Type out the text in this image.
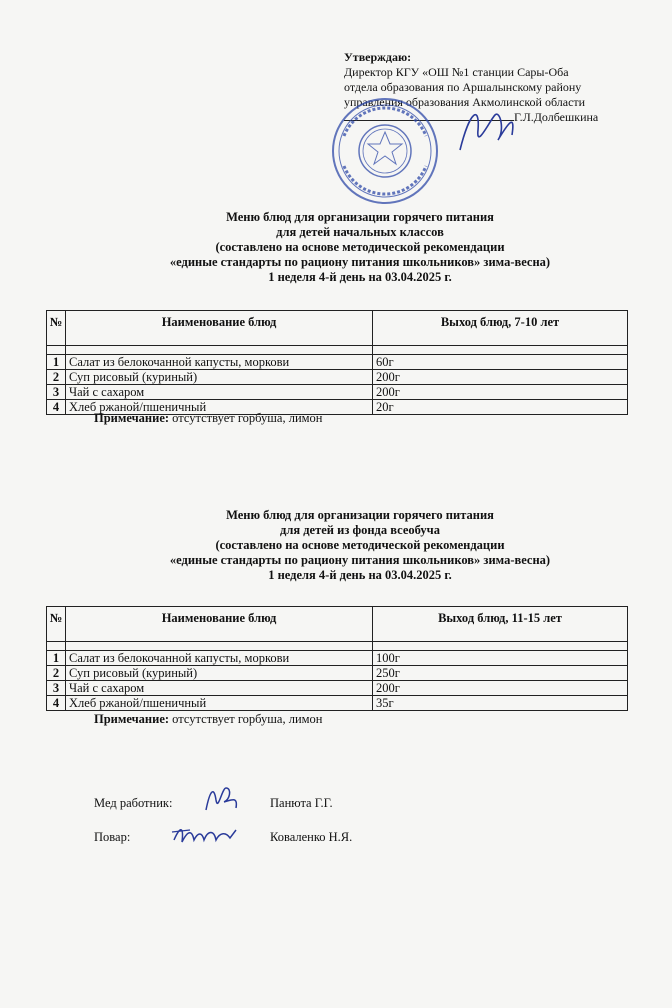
Утверждаю:
Директор КГУ «ОШ №1 станции Сары-Оба
отдела образования по Аршалынскому району
управления образования Акмолинской области
Г.Л.Долбешкина
Меню блюд для организации горячего питания
для детей начальных классов
(составлено на основе методической рекомендации
«единые стандарты по рациону питания школьников» зима-весна)
1 неделя 4-й день на 03.04.2025 г.
№	Наименование блюд	Выход блюд, 7-10 лет

1	Салат из белокочанной капусты, моркови	60г
2	Суп рисовый (куриный)	200г
3	Чай с сахаром	200г
4	Хлеб ржаной/пшеничный	20г
Примечание: отсутствует горбуша, лимон
Меню блюд для организации горячего питания
для детей из фонда всеобуча
(составлено на основе методической рекомендации
«единые стандарты по рациону питания школьников» зима-весна)
1 неделя 4-й день на 03.04.2025 г.
№	Наименование блюд	Выход блюд, 11-15 лет

1	Салат из белокочанной капусты, моркови	100г
2	Суп рисовый (куриный)	250г
3	Чай с сахаром	200г
4	Хлеб ржаной/пшеничный	35г
Примечание: отсутствует горбуша, лимон
Мед работник:	Панюта Г.Г.
Повар:	Коваленко Н.Я.
